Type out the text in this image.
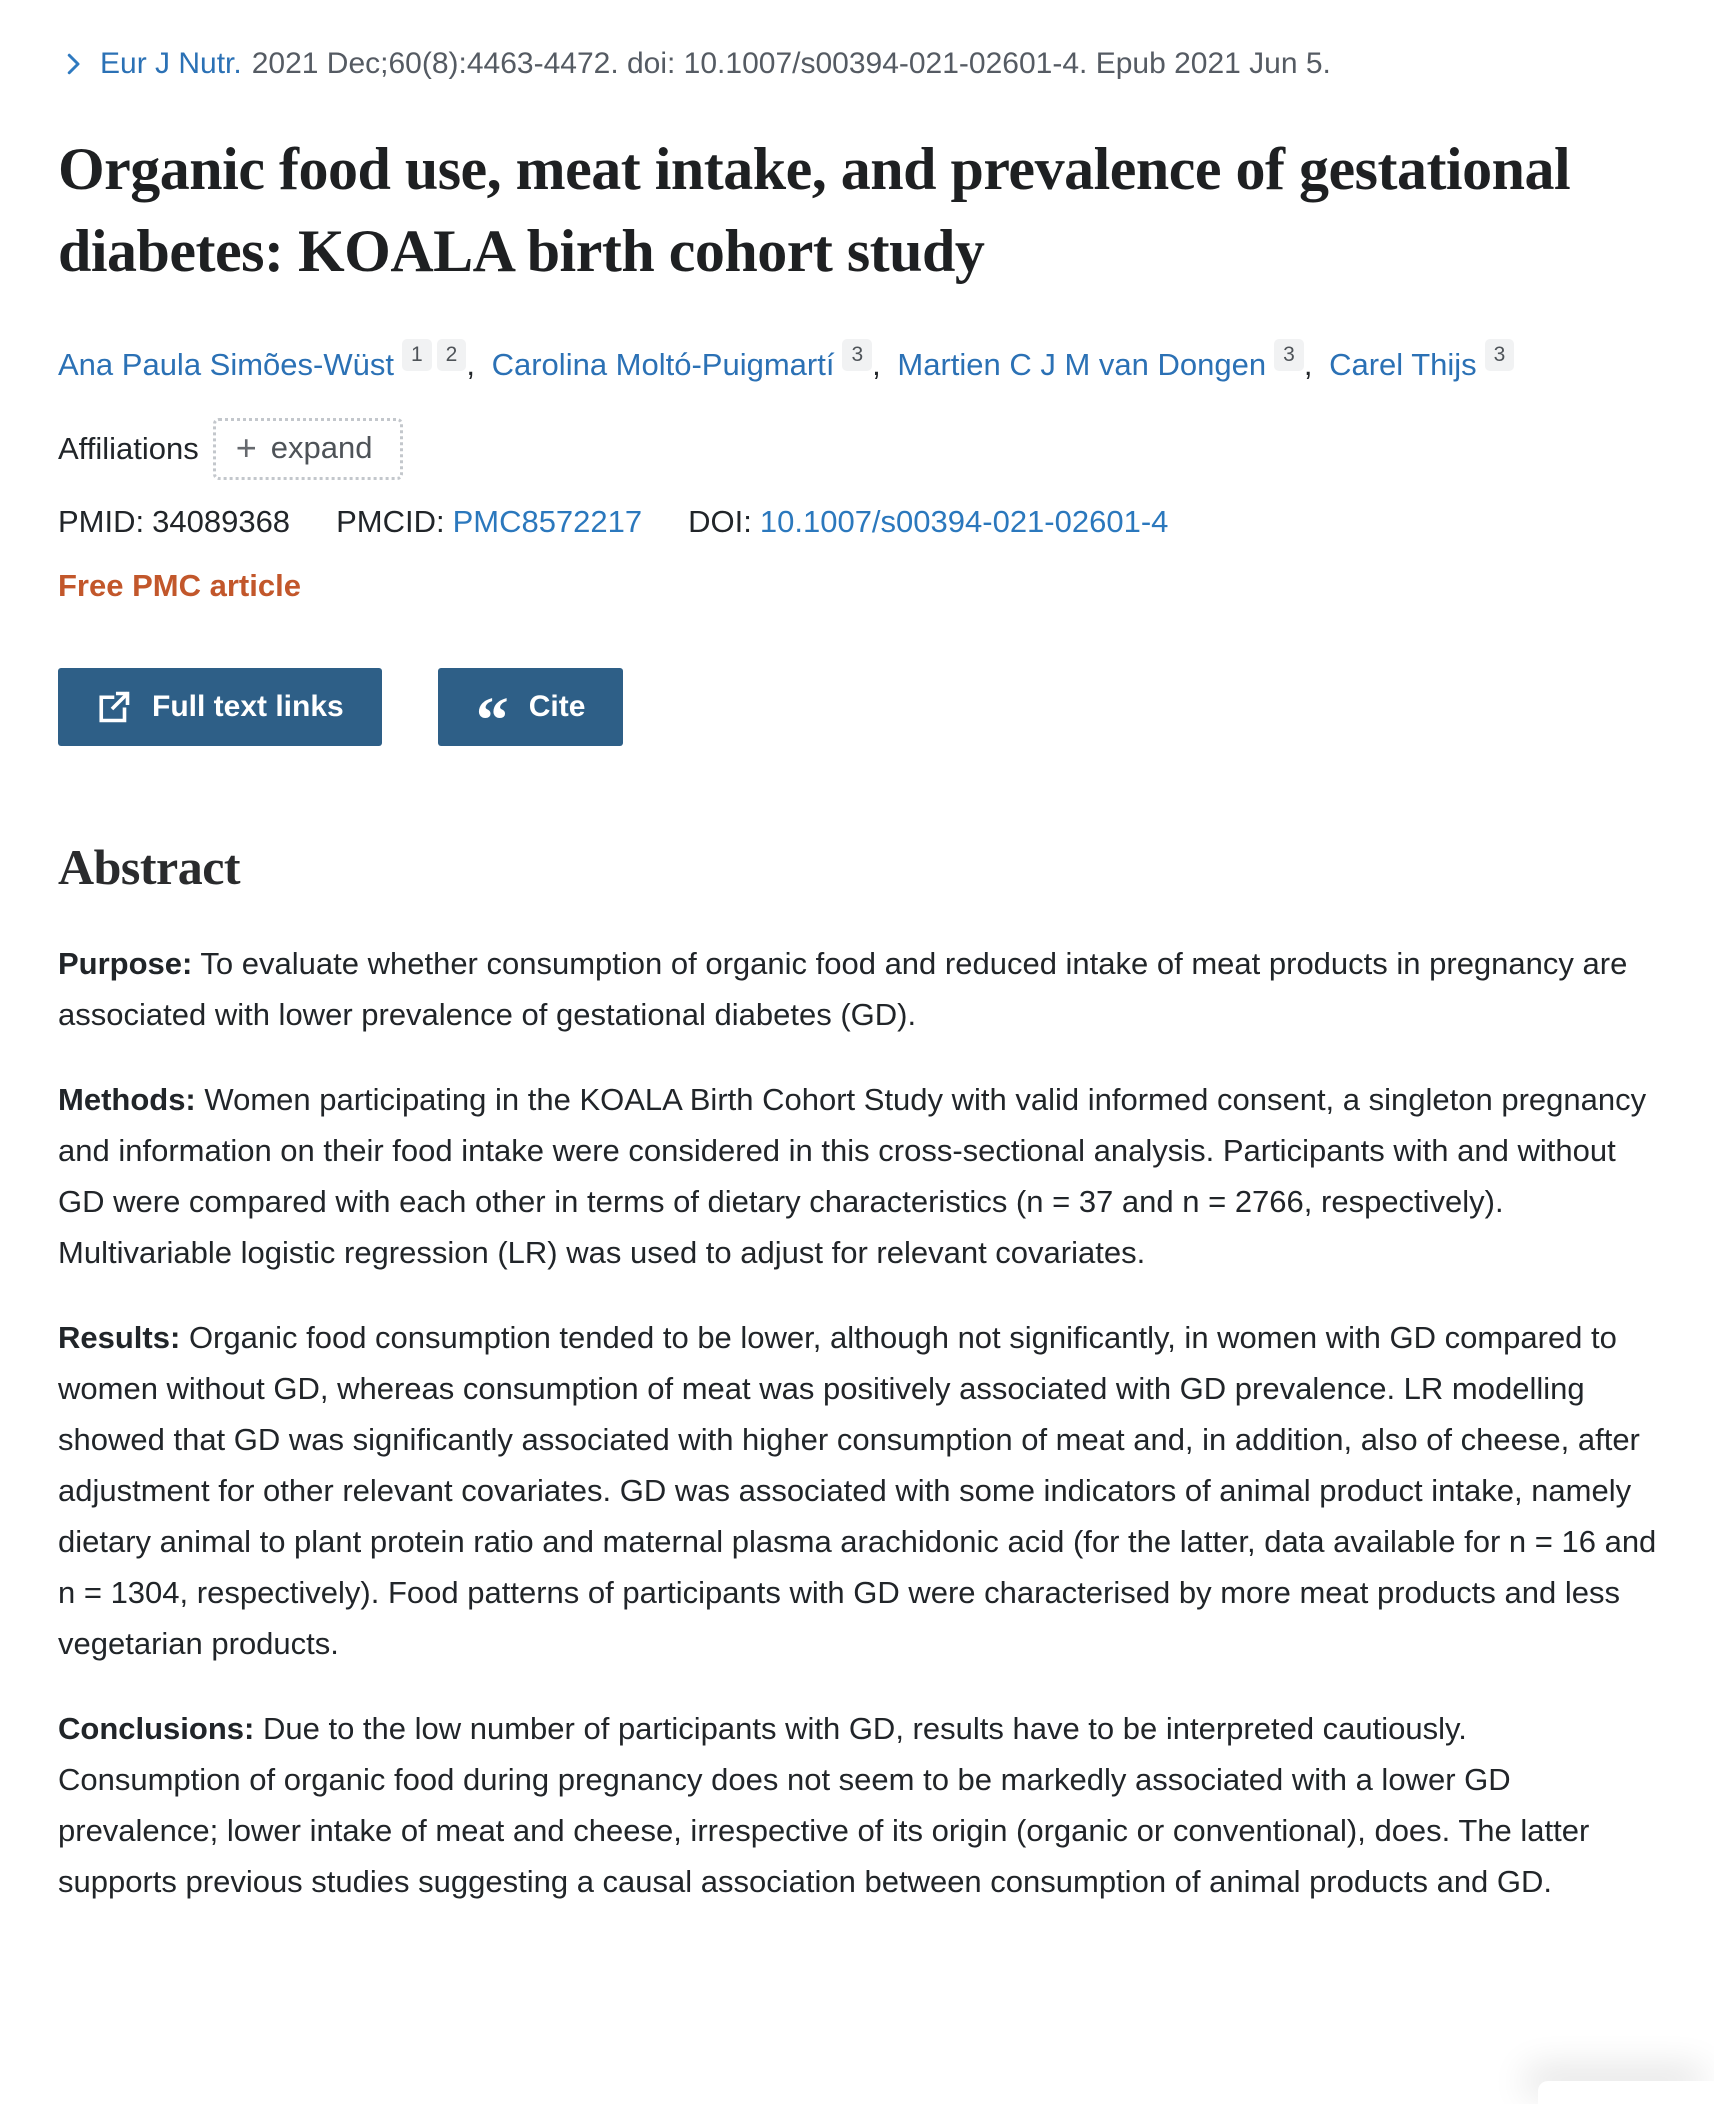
Eur J Nutr. 2021 Dec;60(8):4463-4472. doi: 10.1007/s00394-021-02601-4. Epub 2021 Jun 5.
Organic food use, meat intake, and prevalence of gestational diabetes: KOALA birth cohort study
Ana Paula Simões-Wüst 1 2 , Carolina Moltó-Puigmartí 3 , Martien C J M van Dongen 3 , Carel Thijs 3
Affiliations + expand
PMID: 34089368 PMCID: PMC8572217 DOI: 10.1007/s00394-021-02601-4
Free PMC article
Full text links “ Cite
Abstract

Purpose: To evaluate whether consumption of organic food and reduced intake of meat products in pregnancy are associated with lower prevalence of gestational diabetes (GD).

Methods: Women participating in the KOALA Birth Cohort Study with valid informed consent, a singleton pregnancy and information on their food intake were considered in this cross-sectional analysis. Participants with and without GD were compared with each other in terms of dietary characteristics (n = 37 and n = 2766, respectively). Multivariable logistic regression (LR) was used to adjust for relevant covariates.

Results: Organic food consumption tended to be lower, although not significantly, in women with GD compared to women without GD, whereas consumption of meat was positively associated with GD prevalence. LR modelling showed that GD was significantly associated with higher consumption of meat and, in addition, also of cheese, after adjustment for other relevant covariates. GD was associated with some indicators of animal product intake, namely dietary animal to plant protein ratio and maternal plasma arachidonic acid (for the latter, data available for n = 16 and n = 1304, respectively). Food patterns of participants with GD were characterised by more meat products and less vegetarian products.

Conclusions: Due to the low number of participants with GD, results have to be interpreted cautiously. Consumption of organic food during pregnancy does not seem to be markedly associated with a lower GD prevalence; lower intake of meat and cheese, irrespective of its origin (organic or conventional), does. The latter supports previous studies suggesting a causal association between consumption of animal products and GD.
